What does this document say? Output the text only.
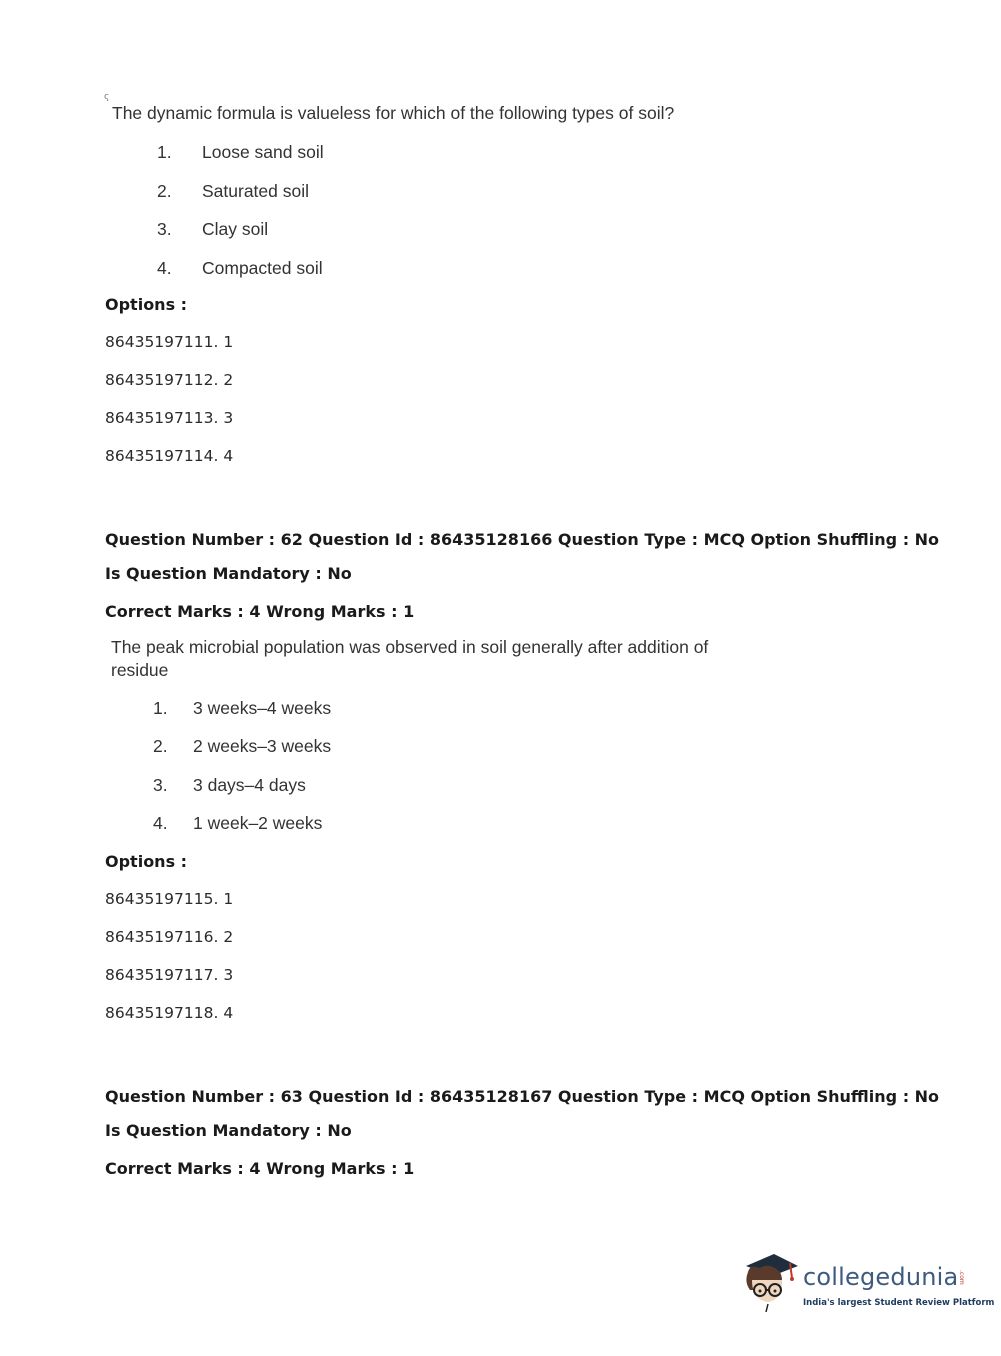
ς
The dynamic formula is valueless for which of the following types of soil?
1. Loose sand soil
2. Saturated soil
3. Clay soil
4. Compacted soil
Options :
86435197111. 1
86435197112. 2
86435197113. 3
86435197114. 4
Question Number : 62 Question Id : 86435128166 Question Type : MCQ Option Shuffling : No
Is Question Mandatory : No
Correct Marks : 4 Wrong Marks : 1
The peak microbial population was observed in soil generally after addition of
residue
1. 3 weeks–4 weeks
2. 2 weeks–3 weeks
3. 3 days–4 days
4. 1 week–2 weeks
Options :
86435197115. 1
86435197116. 2
86435197117. 3
86435197118. 4
Question Number : 63 Question Id : 86435128167 Question Type : MCQ Option Shuffling : No
Is Question Mandatory : No
Correct Marks : 4 Wrong Marks : 1
collegedunia .com
India's largest Student Review Platform
